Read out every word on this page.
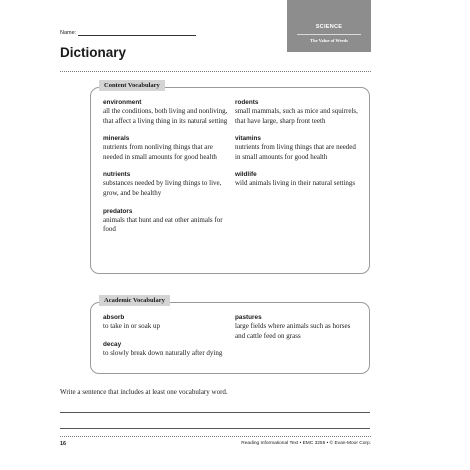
Name:
SCIENCE
The Value of Weeds
Dictionary
Content Vocabulary
environment
all the conditions, both living and nonliving, that affect a living thing in its natural setting
minerals
nutrients from nonliving things that are needed in small amounts for good health
nutrients
substances needed by living things to live, grow, and be healthy
predators
animals that hunt and eat other animals for food
rodents
small mammals, such as mice and squirrels, that have large, sharp front teeth
vitamins
nutrients from living things that are needed in small amounts for good health
wildlife
wild animals living in their natural settings
Academic Vocabulary
absorb
to take in or soak up
decay
to slowly break down naturally after dying
pastures
large fields where animals such as horses and cattle feed on grass
Write a sentence that includes at least one vocabulary word.
16	Reading Informational Text • EMC 3255 • © Evan-Moor Corp.
